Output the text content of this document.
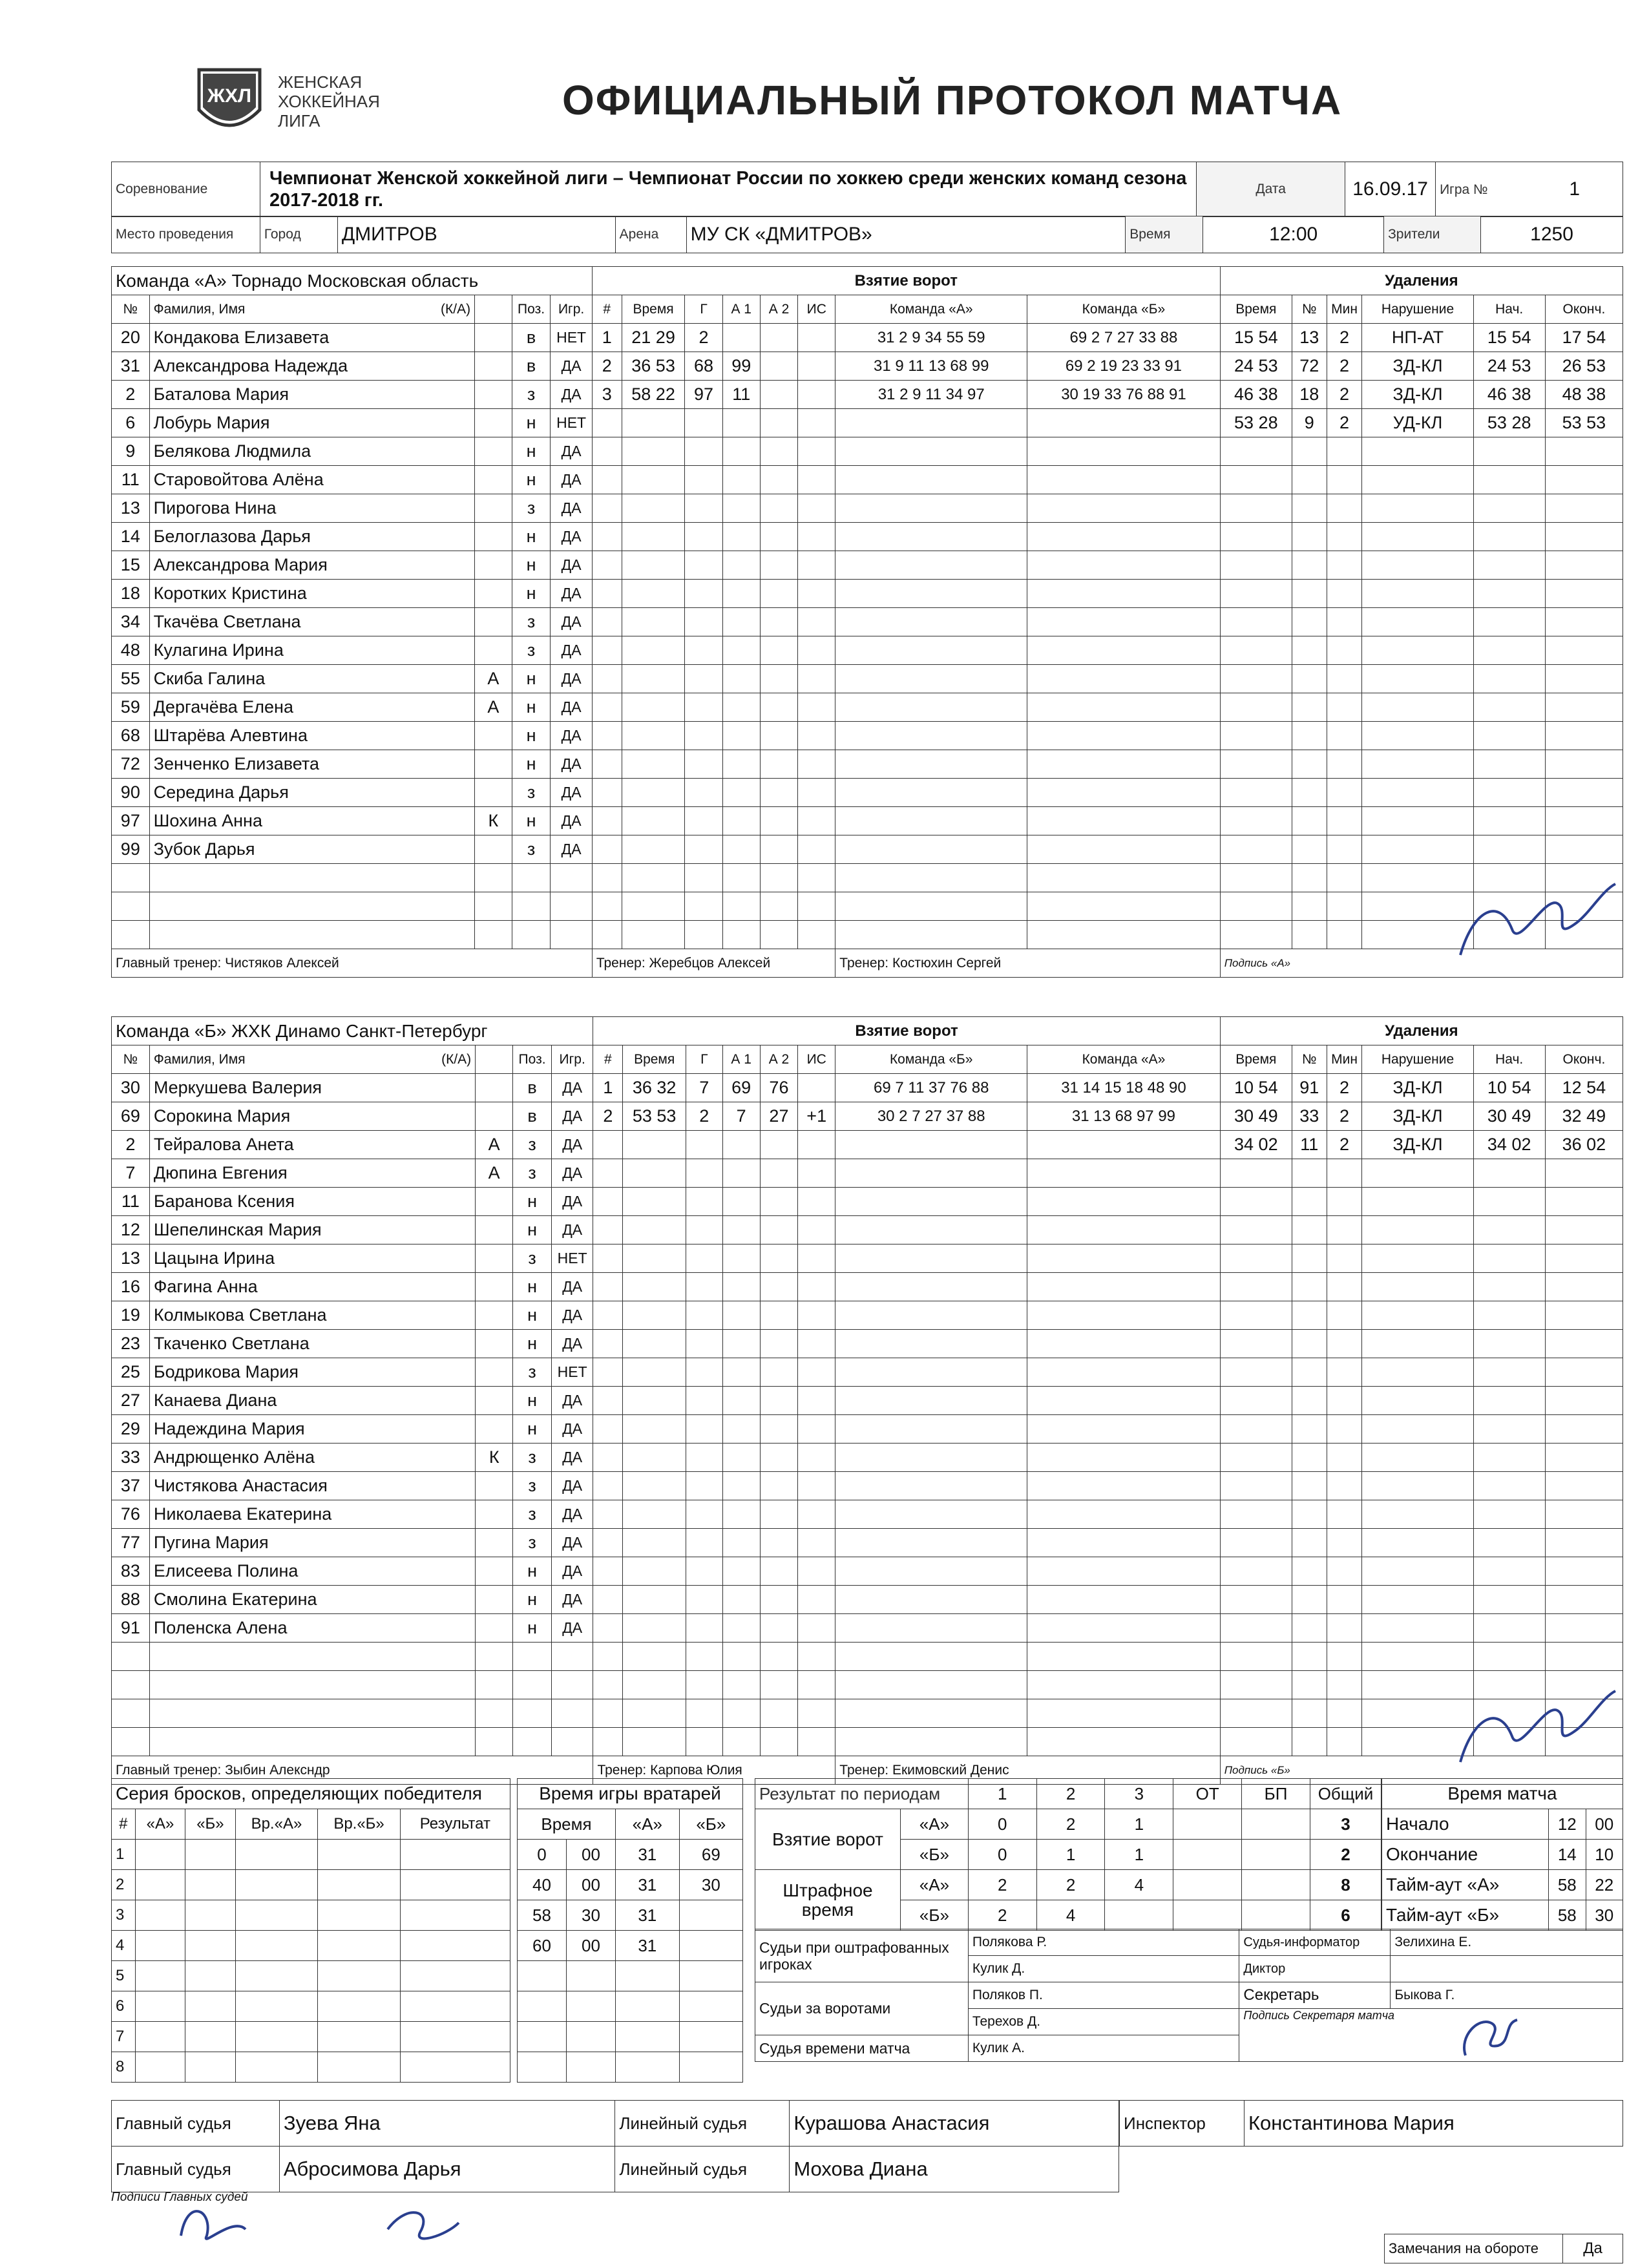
ЖХЛ
ЖЕНСКАЯ
ХОККЕЙНАЯ
ЛИГА	ОФИЦИАЛЬНЫЙ ПРОТОКОЛ МАТЧА
Соревнование	Чемпионат Женской хоккейной лиги – Чемпионат России по хоккею среди женских команд сезона 2017-2018 гг.	Дата	16.09.17	Игра №	1
Место проведения	Город	ДМИТРОВ	Арена	МУ СК «ДМИТРОВ»	Время	12:00	Зрители	1250
Команда «А» Торнадо Московская область					Взятие ворот								Удаления					
№	Фамилия, Имя (К/А)		Поз.	Игр.	#	Время	Г	А 1	А 2	ИС	Команда «А»	Команда «Б»	Время	№	Мин	Нарушение	Нач.	Оконч.
20	Кондакова Елизавета		в	НЕТ	1	21 29	2				31 2 9 34 55 59	69 2 7 27 33 88	15 54	13	2	НП-АТ	15 54	17 54
31	Александрова Надежда		в	ДА	2	36 53	68	99			31 9 11 13 68 99	69 2 19 23 33 91	24 53	72	2	ЗД-КЛ	24 53	26 53
2	Баталова Мария		з	ДА	3	58 22	97	11			31 2 9 11 34 97	30 19 33 76 88 91	46 38	18	2	ЗД-КЛ	46 38	48 38
6	Лобурь Мария		н	НЕТ									53 28	9	2	УД-КЛ	53 28	53 53
9	Белякова Людмила		н	ДА														
11	Старовойтова Алёна		н	ДА														
13	Пирогова Нина		з	ДА														
14	Белоглазова Дарья		н	ДА														
15	Александрова Мария		н	ДА														
18	Коротких Кристина		н	ДА														
34	Ткачёва Светлана		з	ДА														
48	Кулагина Ирина		з	ДА														
55	Скиба Галина	А	н	ДА														
59	Дергачёва Елена	А	н	ДА														
68	Штарёва Алевтина		н	ДА														
72	Зенченко Елизавета		н	ДА														
90	Середина Дарья		з	ДА														
97	Шохина Анна	К	н	ДА														
99	Зубок Дарья		з	ДА														

Главный тренер: Чистяков Алексей					Тренер: Жеребцов Алексей						Тренер: Костюхин Сергей		Подпись «А»					
Команда «Б» ЖХК Динамо Санкт-Петербург					Взятие ворот								Удаления					
№	Фамилия, Имя (К/А)		Поз.	Игр.	#	Время	Г	А 1	А 2	ИС	Команда «Б»	Команда «А»	Время	№	Мин	Нарушение	Нач.	Оконч.
30	Меркушева Валерия		в	ДА	1	36 32	7	69	76		69 7 11 37 76 88	31 14 15 18 48 90	10 54	91	2	ЗД-КЛ	10 54	12 54
69	Сорокина Мария		в	ДА	2	53 53	2	7	27	+1	30 2 7 27 37 88	31 13 68 97 99	30 49	33	2	ЗД-КЛ	30 49	32 49
2	Тейралова Анета	А	з	ДА									34 02	11	2	ЗД-КЛ	34 02	36 02
7	Дюпина Евгения	А	з	ДА														
11	Баранова Ксения		н	ДА														
12	Шепелинская Мария		н	ДА														
13	Цацына Ирина		з	НЕТ														
16	Фагина Анна		н	ДА														
19	Колмыкова Светлана		н	ДА														
23	Ткаченко Светлана		н	ДА														
25	Бодрикова Мария		з	НЕТ														
27	Канаева Диана		н	ДА														
29	Надеждина Мария		н	ДА														
33	Андрющенко Алёна	К	з	ДА														
37	Чистякова Анастасия		з	ДА														
76	Николаева Екатерина		з	ДА														
77	Пугина Мария		з	ДА														
83	Елисеева Полина		н	ДА														
88	Смолина Екатерина		н	ДА														
91	Поленска Алена		н	ДА														

Главный тренер: Зыбин Алексндр					Тренер: Карпова Юлия						Тренер: Екимовский Денис		Подпись «Б»					
Серия бросков, определяющих победителя					
#	«А»	«Б»	Вр.«А»	Вр.«Б»	Результат
1					
2					
3					
4					
5					
6					
7					
8					
Время игры вратарей			
Время		«А»	«Б»
0	00	31	69
40	00	31	30
58	30	31	
60	00	31	

Результат по периодам		1	2	3	ОТ	БП	Общий
Взятие ворот	«А»	0	2	1			3
	«Б»	0	1	1			2
Штрафное время	«А»	2	2	4			8
	«Б»	2	4				6
Время матча		
Начало	12	00
Окончание	14	10
Тайм-аут «А»	58	22
Тайм-аут «Б»	58	30
Судьи при оштрафованных игроках	Полякова Р.	Судья-информатор	Зелихина Е.
	Кулик Д.	Диктор	
Судьи за воротами	Поляков П.	Секретарь	Быкова Г.
	Терехов Д.	Подпись Секретаря матча	

Судья времени матча	Кулик А.		
Главный судья	Зуева Яна	Линейный судья	Курашова Анастасия
Главный судья	Абросимова Дарья	Линейный судья	Мохова Диана
Инспектор	Константинова Мария
Подписи Главных судей
Замечания на обороте	Да
